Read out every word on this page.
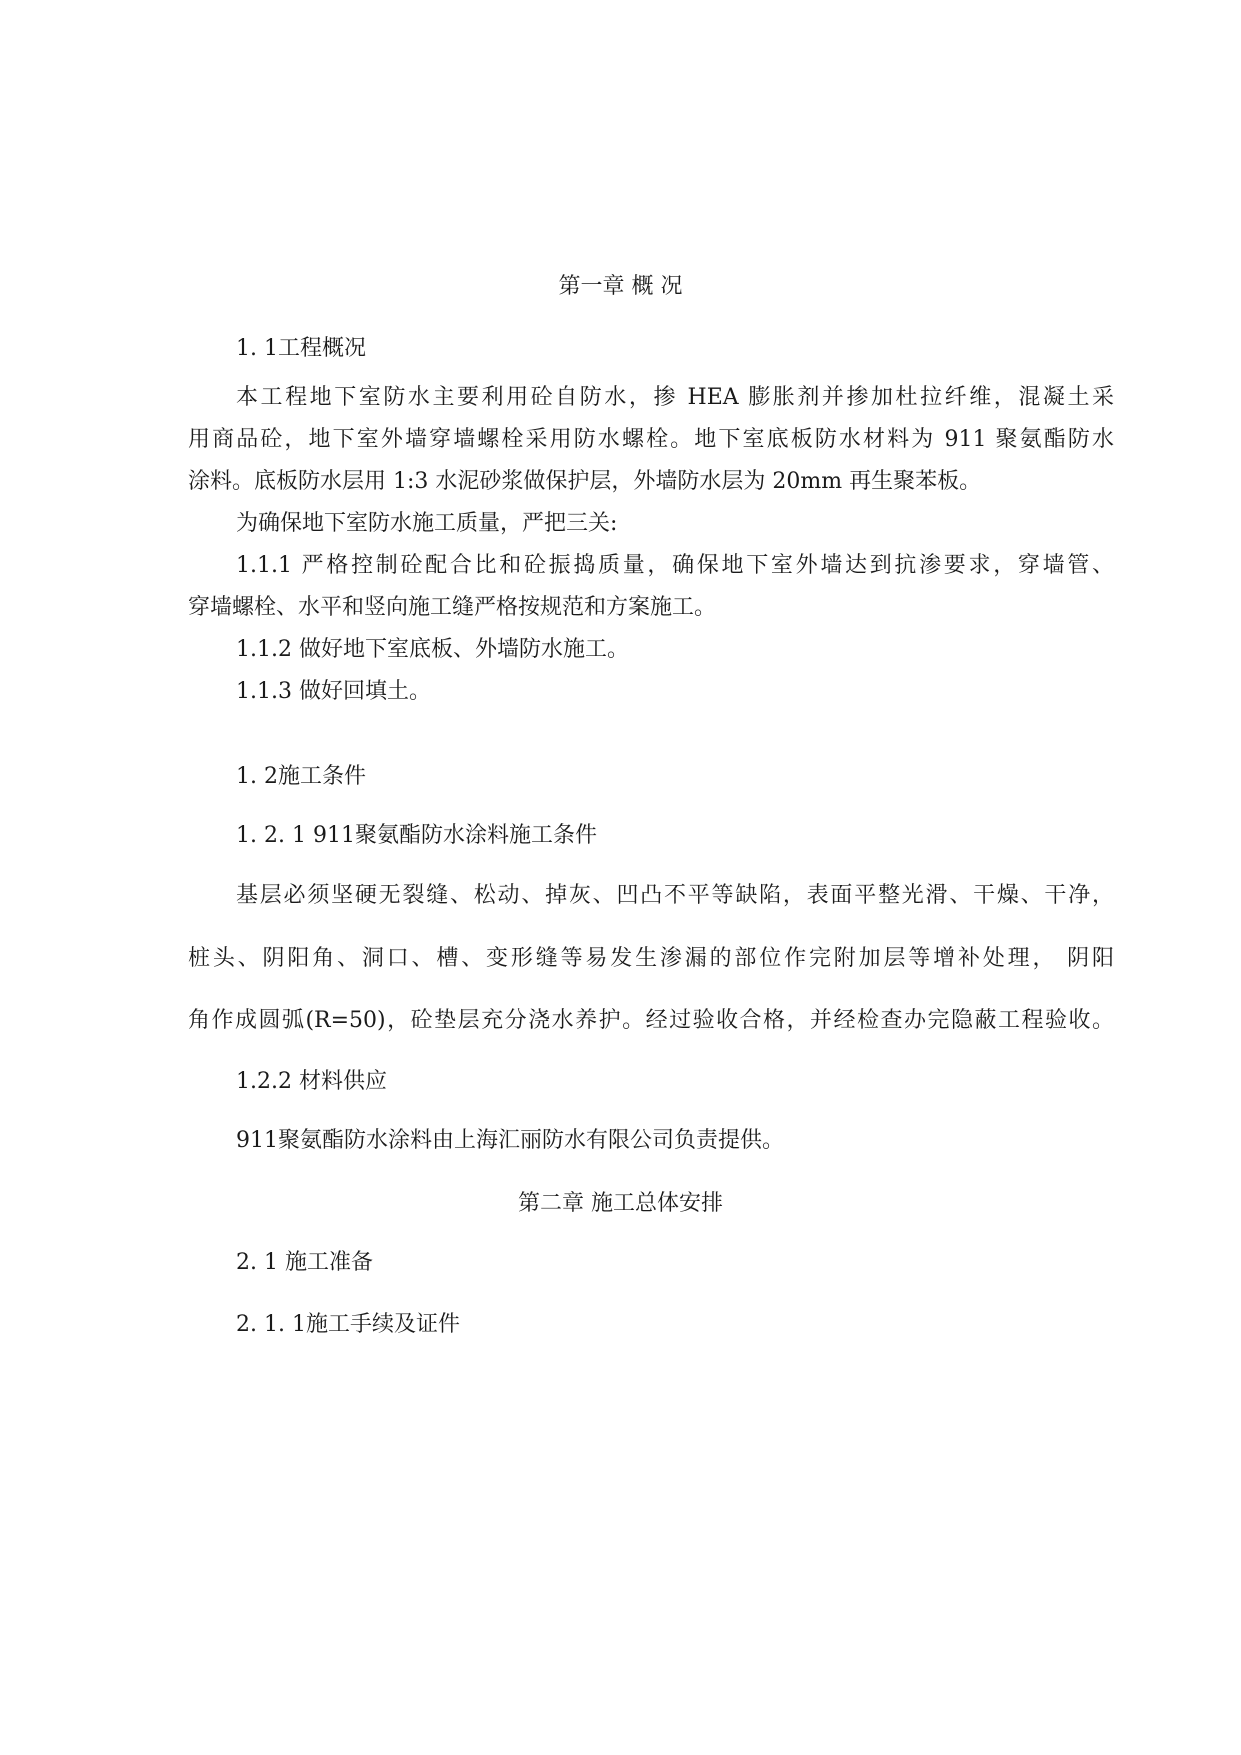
第一章 概 况
1. 1工程概况
本工程地下室防水主要利用砼自防水，掺 HEA 膨胀剂并掺加杜拉纤维，混凝土采
用商品砼，地下室外墙穿墙螺栓采用防水螺栓。地下室底板防水材料为 911 聚氨酯防水
涂料。底板防水层用 1:3 水泥砂浆做保护层，外墙防水层为 20mm 再生聚苯板。
为确保地下室防水施工质量，严把三关:
1.1.1 严格控制砼配合比和砼振捣质量，确保地下室外墙达到抗渗要求，穿墙管、
穿墙螺栓、水平和竖向施工缝严格按规范和方案施工。
1.1.2 做好地下室底板、外墙防水施工。
1.1.3 做好回填土。
1. 2施工条件
1. 2. 1 911聚氨酯防水涂料施工条件
基层必须坚硬无裂缝、松动、掉灰、凹凸不平等缺陷，表面平整光滑、干燥、干净，
桩头、阴阳角、洞口、槽、变形缝等易发生渗漏的部位作完附加层等增补处理， 阴阳
角作成圆弧(R=50)，砼垫层充分浇水养护。经过验收合格，并经检查办完隐蔽工程验收。
1.2.2 材料供应
911聚氨酯防水涂料由上海汇丽防水有限公司负责提供。
第二章 施工总体安排
2. 1 施工准备
2. 1. 1施工手续及证件
